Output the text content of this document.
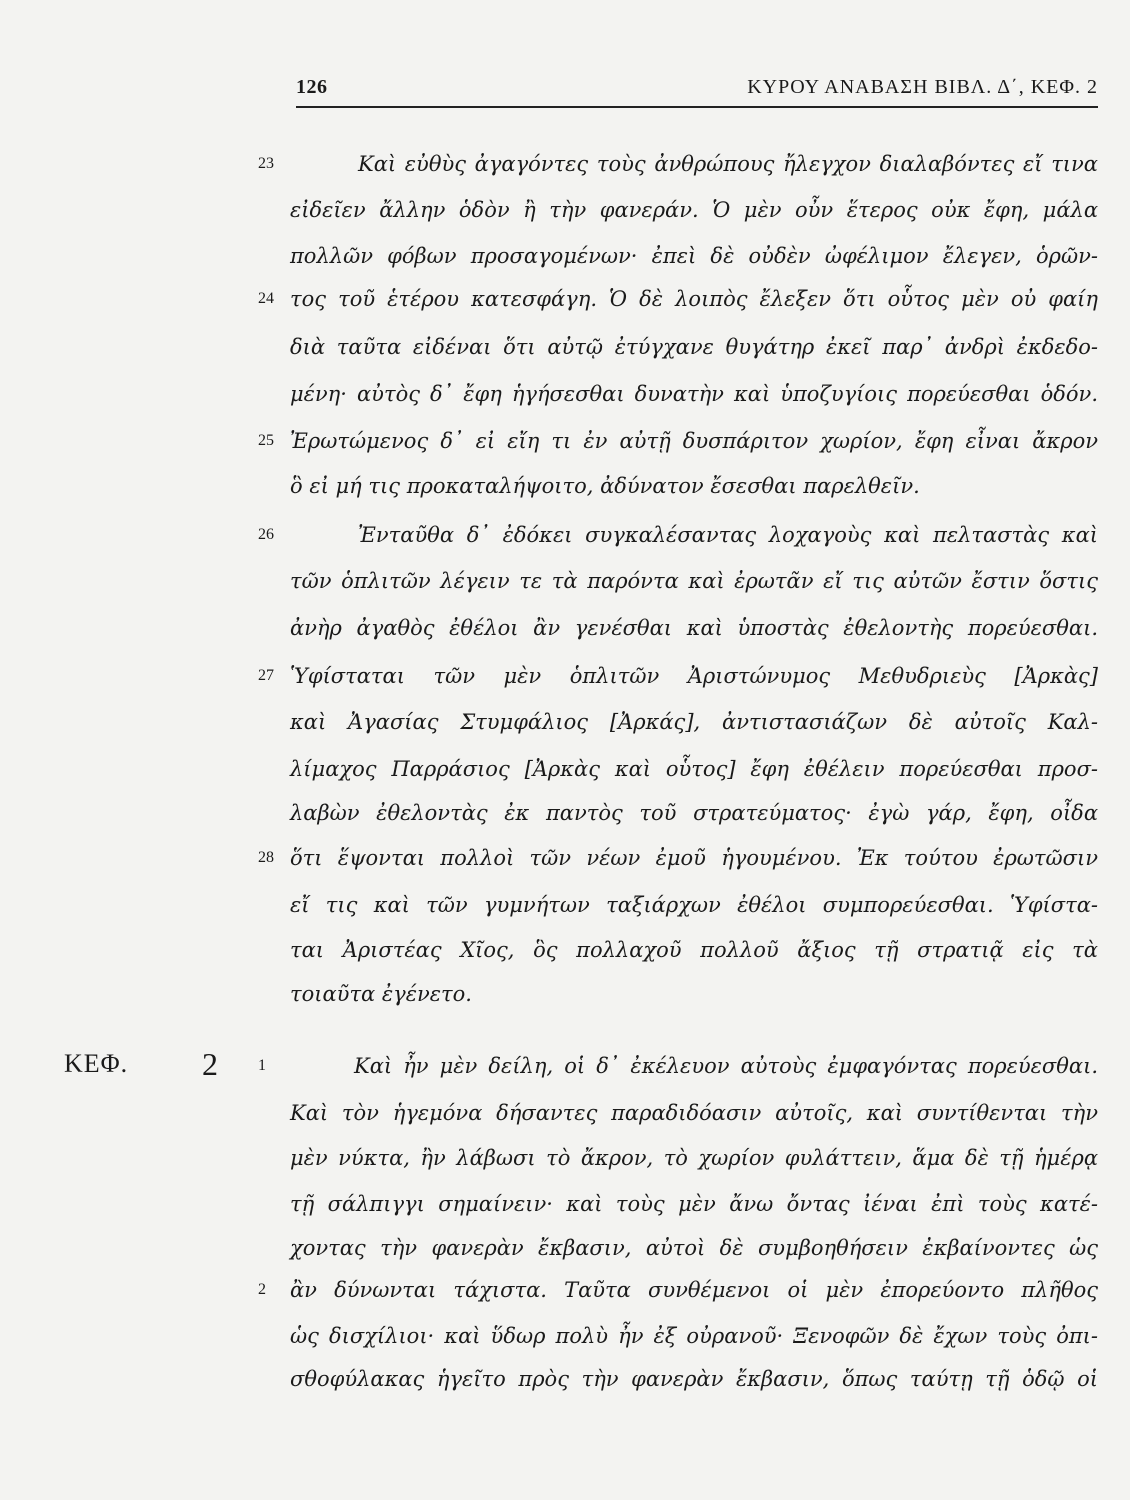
126	ΚΥΡΟΥ ΑΝΑΒΑΣΗ ΒΙΒΛ. Δ΄, ΚΕΦ. 2
23
24
25
26
27
28
1
2
ΚΕΦ. 2
Καὶ εὐθὺς ἀγαγόντες τοὺς ἀνθρώπους ἤλεγχον διαλαβόντες εἴ τινα
εἰδεῖεν ἄλλην ὁδὸν ἢ τὴν φανεράν. Ὁ μὲν οὖν ἕτερος οὐκ ἔφη, μάλα
πολλῶν φόβων προσαγομένων· ἐπεὶ δὲ οὐδὲν ὠφέλιμον ἔλεγεν, ὁρῶν-
τος τοῦ ἑτέρου κατεσφάγη. Ὁ δὲ λοιπὸς ἔλεξεν ὅτι οὗτος μὲν οὐ φαίη
διὰ ταῦτα εἰδέναι ὅτι αὐτῷ ἐτύγχανε θυγάτηρ ἐκεῖ παρ᾽ ἀνδρὶ ἐκδεδο-
μένη· αὐτὸς δ᾽ ἔφη ἡγήσεσθαι δυνατὴν καὶ ὑποζυγίοις πορεύεσθαι ὁδόν.
Ἐρωτώμενος δ᾽ εἰ εἴη τι ἐν αὐτῇ δυσπάριτον χωρίον, ἔφη εἶναι ἄκρον
ὃ εἰ μή τις προκαταλήψοιτο, ἀδύνατον ἔσεσθαι παρελθεῖν.
Ἐνταῦθα δ᾽ ἐδόκει συγκαλέσαντας λοχαγοὺς καὶ πελταστὰς καὶ
τῶν ὁπλιτῶν λέγειν τε τὰ παρόντα καὶ ἐρωτᾶν εἴ τις αὐτῶν ἔστιν ὅστις
ἀνὴρ ἀγαθὸς ἐθέλοι ἂν γενέσθαι καὶ ὑποστὰς ἐθελοντὴς πορεύεσθαι.
Ὑφίσταται τῶν μὲν ὁπλιτῶν Ἀριστώνυμος Μεθυδριεὺς [Ἀρκὰς]
καὶ Ἀγασίας Στυμφάλιος [Ἀρκάς], ἀντιστασιάζων δὲ αὐτοῖς Καλ-
λίμαχος Παρράσιος [Ἀρκὰς καὶ οὗτος] ἔφη ἐθέλειν πορεύεσθαι προσ-
λαβὼν ἐθελοντὰς ἐκ παντὸς τοῦ στρατεύματος· ἐγὼ γάρ, ἔφη, οἶδα
ὅτι ἕψονται πολλοὶ τῶν νέων ἐμοῦ ἡγουμένου. Ἐκ τούτου ἐρωτῶσιν
εἴ τις καὶ τῶν γυμνήτων ταξιάρχων ἐθέλοι συμπορεύεσθαι. Ὑφίστα-
ται Ἀριστέας Χῖος, ὃς πολλαχοῦ πολλοῦ ἄξιος τῇ στρατιᾷ εἰς τὰ
τοιαῦτα ἐγένετο.
Καὶ ἦν μὲν δείλη, οἱ δ᾽ ἐκέλευον αὐτοὺς ἐμφαγόντας πορεύεσθαι.
Καὶ τὸν ἡγεμόνα δήσαντες παραδιδόασιν αὐτοῖς, καὶ συντίθενται τὴν
μὲν νύκτα, ἢν λάβωσι τὸ ἄκρον, τὸ χωρίον φυλάττειν, ἅμα δὲ τῇ ἡμέρᾳ
τῇ σάλπιγγι σημαίνειν· καὶ τοὺς μὲν ἄνω ὄντας ἰέναι ἐπὶ τοὺς κατέ-
χοντας τὴν φανερὰν ἔκβασιν, αὐτοὶ δὲ συμβοηθήσειν ἐκβαίνοντες ὡς
ἂν δύνωνται τάχιστα. Ταῦτα συνθέμενοι οἱ μὲν ἐπορεύοντο πλῆθος
ὡς δισχίλιοι· καὶ ὕδωρ πολὺ ἦν ἐξ οὐρανοῦ· Ξενοφῶν δὲ ἔχων τοὺς ὀπι-
σθοφύλακας ἡγεῖτο πρὸς τὴν φανερὰν ἔκβασιν, ὅπως ταύτῃ τῇ ὁδῷ οἱ
